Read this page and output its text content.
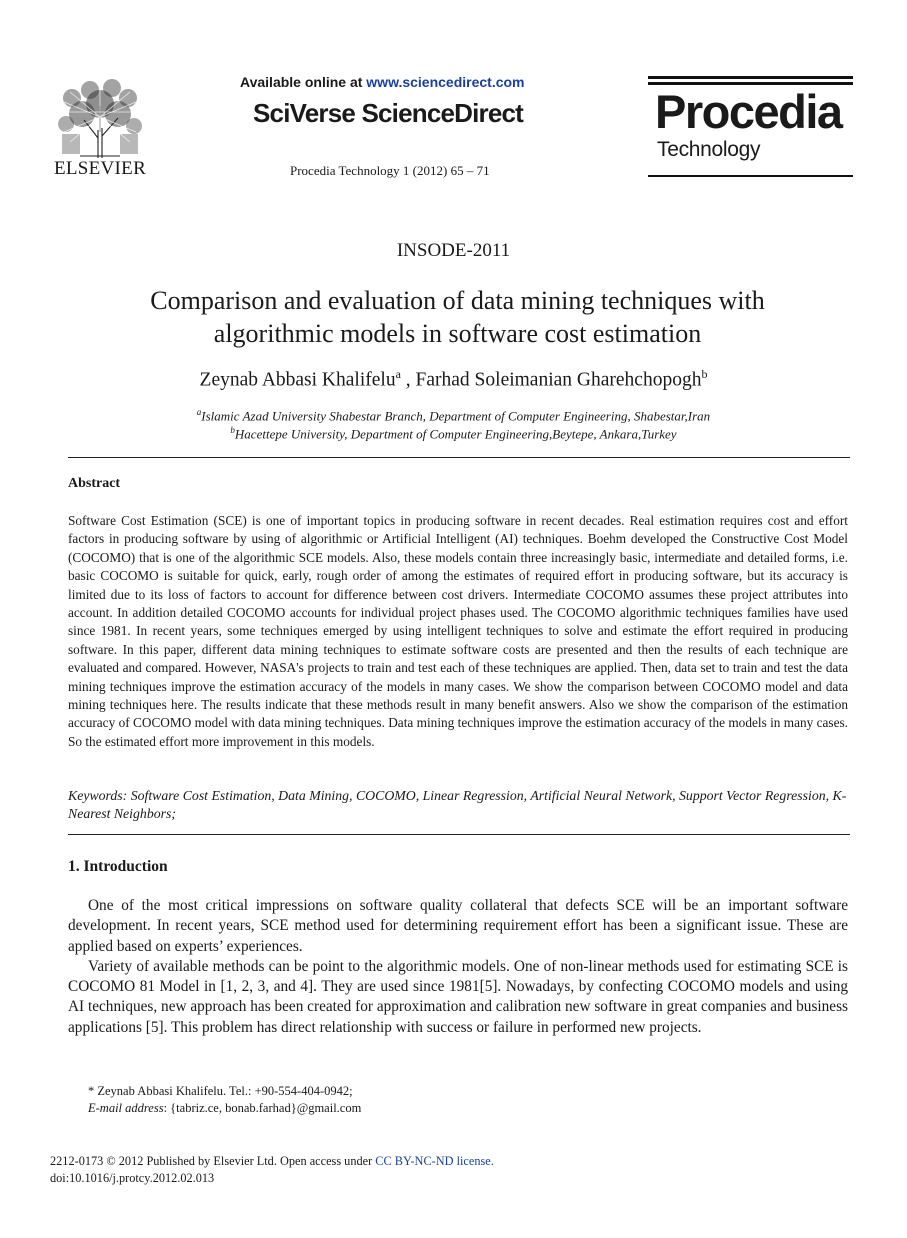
ELSEVIER
Available online at www.sciencedirect.com
SciVerse ScienceDirect
Procedia Technology 1 (2012) 65 – 71
Procedia
Technology
INSODE-2011
Comparison and evaluation of data mining techniques with
algorithmic models in software cost estimation
Zeynab Abbasi Khalifelu$^a$ , Farhad Soleimanian Gharehchopogh$^b$
$^a$Islamic Azad University Shabestar Branch, Department of Computer Engineering, Shabestar,Iran
$^b$Hacettepe University, Department of Computer Engineering,Beytepe, Ankara,Turkey
Abstract
Software Cost Estimation (SCE) is one of important topics in producing software in recent decades. Real estimation requires cost and effort factors in producing software by using of algorithmic or Artificial Intelligent (AI) techniques. Boehm developed the Constructive Cost Model (COCOMO) that is one of the algorithmic SCE models. Also, these models contain three increasingly basic, intermediate and detailed forms, i.e. basic COCOMO is suitable for quick, early, rough order of among the estimates of required effort in producing software, but its accuracy is limited due to its loss of factors to account for difference between cost drivers. Intermediate COCOMO assumes these project attributes into account. In addition detailed COCOMO accounts for individual project phases used. The COCOMO algorithmic techniques families have used since 1981. In recent years, some techniques emerged by using intelligent techniques to solve and estimate the effort required in producing software. In this paper, different data mining techniques to estimate software costs are presented and then the results of each technique are evaluated and compared. However, NASA's projects to train and test each of these techniques are applied. Then, data set to train and test the data mining techniques improve the estimation accuracy of the models in many cases. We show the comparison between COCOMO model and data mining techniques here. The results indicate that these methods result in many benefit answers. Also we show the comparison of the estimation accuracy of COCOMO model with data mining techniques. Data mining techniques improve the estimation accuracy of the models in many cases. So the estimated effort more improvement in this models.
Keywords: Software Cost Estimation, Data Mining, COCOMO, Linear Regression, Artificial Neural Network, Support Vector Regression, K-Nearest Neighbors;
1. Introduction

One of the most critical impressions on software quality collateral that defects SCE will be an important software development. In recent years, SCE method used for determining requirement effort has been a significant issue. These are applied based on experts’ experiences.

Variety of available methods can be point to the algorithmic models. One of non-linear methods used for estimating SCE is COCOMO 81 Model in [1, 2, 3, and 4]. They are used since 1981[5]. Nowadays, by confecting COCOMO models and using AI techniques, new approach has been created for approximation and calibration new software in great companies and business applications [5]. This problem has direct relationship with success or failure in performed new projects.

* Zeynab Abbasi Khalifelu. Tel.: +90-554-404-0942;
E-mail address: {tabriz.ce, bonab.farhad}@gmail.com
2212-0173 © 2012 Published by Elsevier Ltd. Open access under CC BY-NC-ND license.
doi:10.1016/j.protcy.2012.02.013
